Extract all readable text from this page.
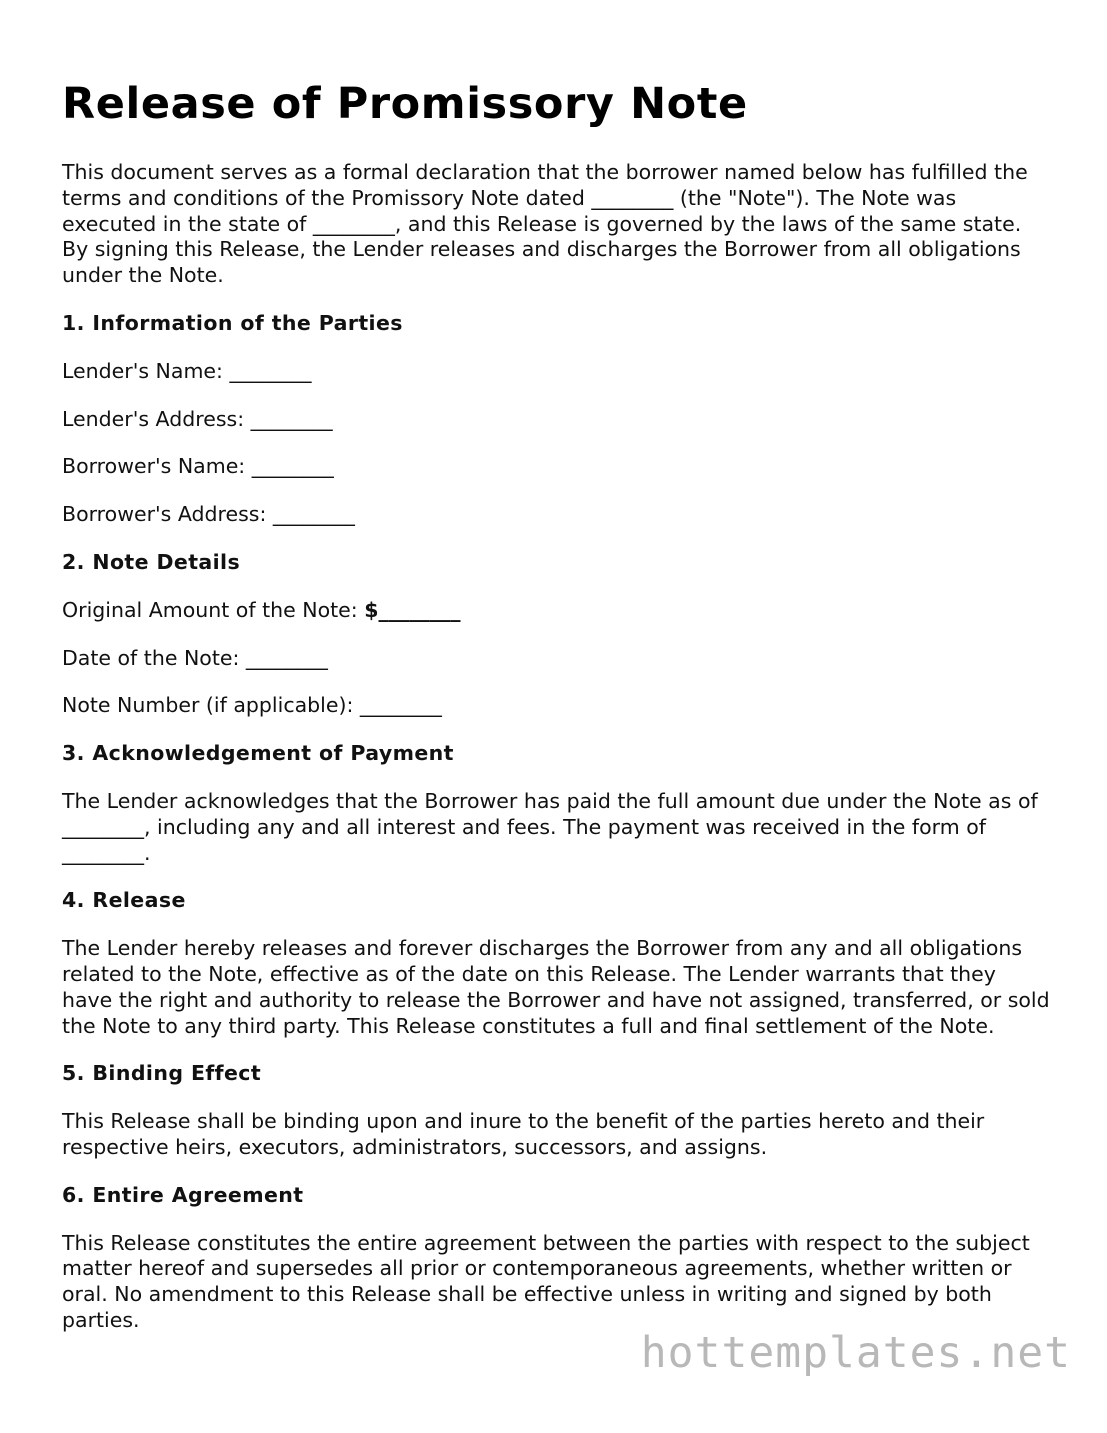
Release of Promissory Note

This document serves as a formal declaration that the borrower named below has fulfilled the terms and conditions of the Promissory Note dated ________ (the "Note"). The Note was executed in the state of ________, and this Release is governed by the laws of the same state. By signing this Release, the Lender releases and discharges the Borrower from all obligations under the Note.

1. Information of the Parties

Lender's Name: ________

Lender's Address: ________

Borrower's Name: ________

Borrower's Address: ________

2. Note Details

Original Amount of the Note: $________

Date of the Note: ________

Note Number (if applicable): ________

3. Acknowledgement of Payment

The Lender acknowledges that the Borrower has paid the full amount due under the Note as of ________, including any and all interest and fees. The payment was received in the form of ________.

4. Release

The Lender hereby releases and forever discharges the Borrower from any and all obligations related to the Note, effective as of the date on this Release. The Lender warrants that they have the right and authority to release the Borrower and have not assigned, transferred, or sold the Note to any third party. This Release constitutes a full and final settlement of the Note.

5. Binding Effect

This Release shall be binding upon and inure to the benefit of the parties hereto and their respective heirs, executors, administrators, successors, and assigns.

6. Entire Agreement

This Release constitutes the entire agreement between the parties with respect to the subject matter hereof and supersedes all prior or contemporaneous agreements, whether written or oral. No amendment to this Release shall be effective unless in writing and signed by both parties.

hottemplates.net
